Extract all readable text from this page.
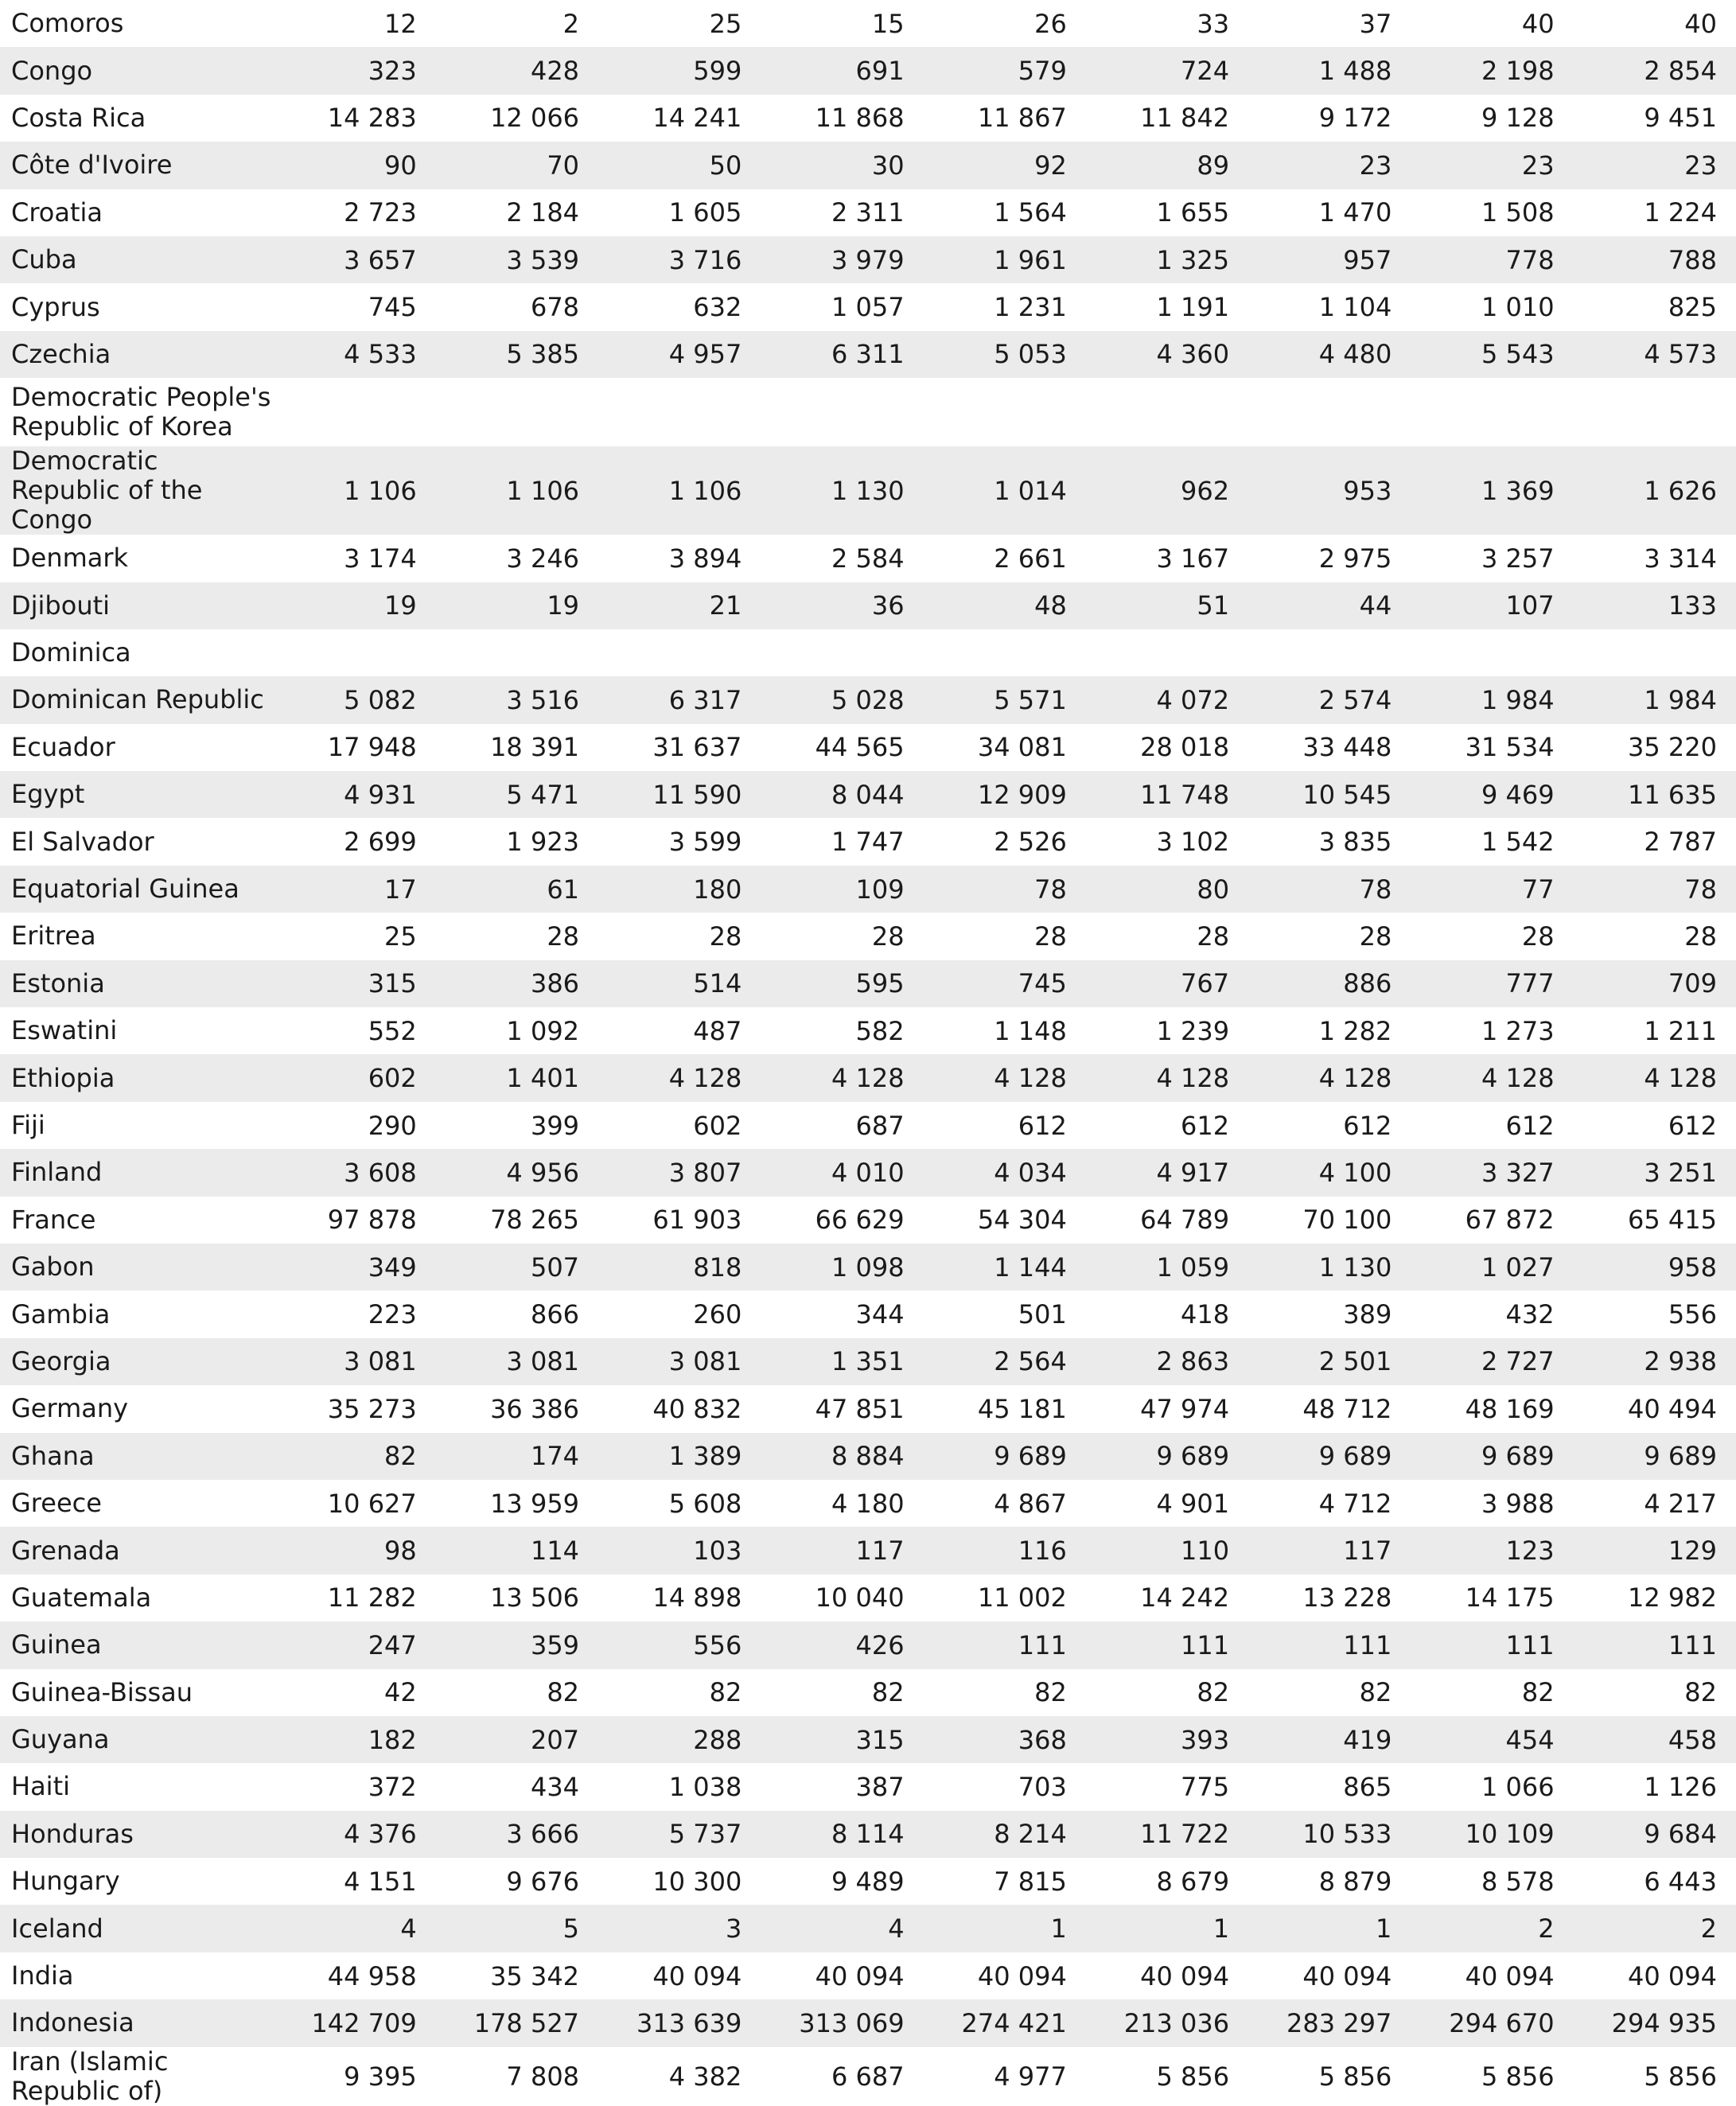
Comoros	12	2	25	15	26	33	37	40	40
Congo	323	428	599	691	579	724	1 488	2 198	2 854
Costa Rica	14 283	12 066	14 241	11 868	11 867	11 842	9 172	9 128	9 451
Côte d'Ivoire	90	70	50	30	92	89	23	23	23
Croatia	2 723	2 184	1 605	2 311	1 564	1 655	1 470	1 508	1 224
Cuba	3 657	3 539	3 716	3 979	1 961	1 325	957	778	788
Cyprus	745	678	632	1 057	1 231	1 191	1 104	1 010	825
Czechia	4 533	5 385	4 957	6 311	5 053	4 360	4 480	5 543	4 573
Democratic People's Republic of Korea									
Democratic Republic of the Congo	1 106	1 106	1 106	1 130	1 014	962	953	1 369	1 626
Denmark	3 174	3 246	3 894	2 584	2 661	3 167	2 975	3 257	3 314
Djibouti	19	19	21	36	48	51	44	107	133
Dominica									
Dominican Republic	5 082	3 516	6 317	5 028	5 571	4 072	2 574	1 984	1 984
Ecuador	17 948	18 391	31 637	44 565	34 081	28 018	33 448	31 534	35 220
Egypt	4 931	5 471	11 590	8 044	12 909	11 748	10 545	9 469	11 635
El Salvador	2 699	1 923	3 599	1 747	2 526	3 102	3 835	1 542	2 787
Equatorial Guinea	17	61	180	109	78	80	78	77	78
Eritrea	25	28	28	28	28	28	28	28	28
Estonia	315	386	514	595	745	767	886	777	709
Eswatini	552	1 092	487	582	1 148	1 239	1 282	1 273	1 211
Ethiopia	602	1 401	4 128	4 128	4 128	4 128	4 128	4 128	4 128
Fiji	290	399	602	687	612	612	612	612	612
Finland	3 608	4 956	3 807	4 010	4 034	4 917	4 100	3 327	3 251
France	97 878	78 265	61 903	66 629	54 304	64 789	70 100	67 872	65 415
Gabon	349	507	818	1 098	1 144	1 059	1 130	1 027	958
Gambia	223	866	260	344	501	418	389	432	556
Georgia	3 081	3 081	3 081	1 351	2 564	2 863	2 501	2 727	2 938
Germany	35 273	36 386	40 832	47 851	45 181	47 974	48 712	48 169	40 494
Ghana	82	174	1 389	8 884	9 689	9 689	9 689	9 689	9 689
Greece	10 627	13 959	5 608	4 180	4 867	4 901	4 712	3 988	4 217
Grenada	98	114	103	117	116	110	117	123	129
Guatemala	11 282	13 506	14 898	10 040	11 002	14 242	13 228	14 175	12 982
Guinea	247	359	556	426	111	111	111	111	111
Guinea-Bissau	42	82	82	82	82	82	82	82	82
Guyana	182	207	288	315	368	393	419	454	458
Haiti	372	434	1 038	387	703	775	865	1 066	1 126
Honduras	4 376	3 666	5 737	8 114	8 214	11 722	10 533	10 109	9 684
Hungary	4 151	9 676	10 300	9 489	7 815	8 679	8 879	8 578	6 443
Iceland	4	5	3	4	1	1	1	2	2
India	44 958	35 342	40 094	40 094	40 094	40 094	40 094	40 094	40 094
Indonesia	142 709	178 527	313 639	313 069	274 421	213 036	283 297	294 670	294 935
Iran (Islamic Republic of)	9 395	7 808	4 382	6 687	4 977	5 856	5 856	5 856	5 856
